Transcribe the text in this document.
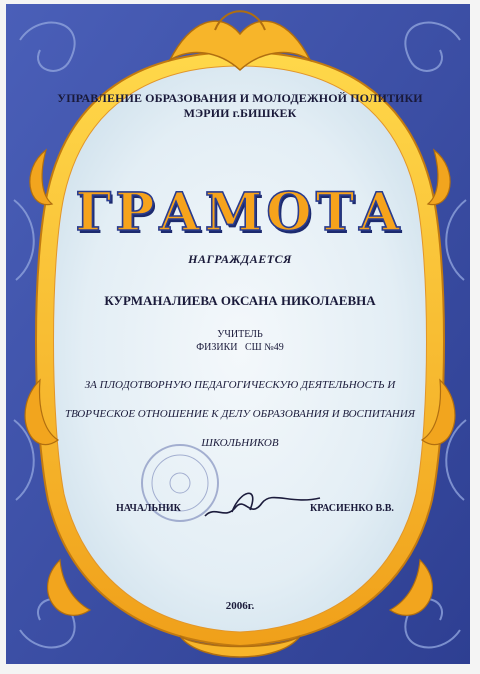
УПРАВЛЕНИЕ ОБРАЗОВАНИЯ И МОЛОДЕЖНОЙ ПОЛИТИКИ
МЭРИИ г.БИШКЕК
ГРАМОТА
НАГРАЖДАЕТСЯ
КУРМАНАЛИЕВА ОКСАНА НИКОЛАЕВНА
УЧИТЕЛЬ
ФИЗИКИ   СШ №49
ЗА ПЛОДОТВОРНУЮ ПЕДАГОГИЧЕСКУЮ ДЕЯТЕЛЬНОСТЬ И
ТВОРЧЕСКОЕ ОТНОШЕНИЕ К ДЕЛУ ОБРАЗОВАНИЯ И ВОСПИТАНИЯ
ШКОЛЬНИКОВ
НАЧАЛЬНИК	КРАСИЕНКО В.В.
2006г.
